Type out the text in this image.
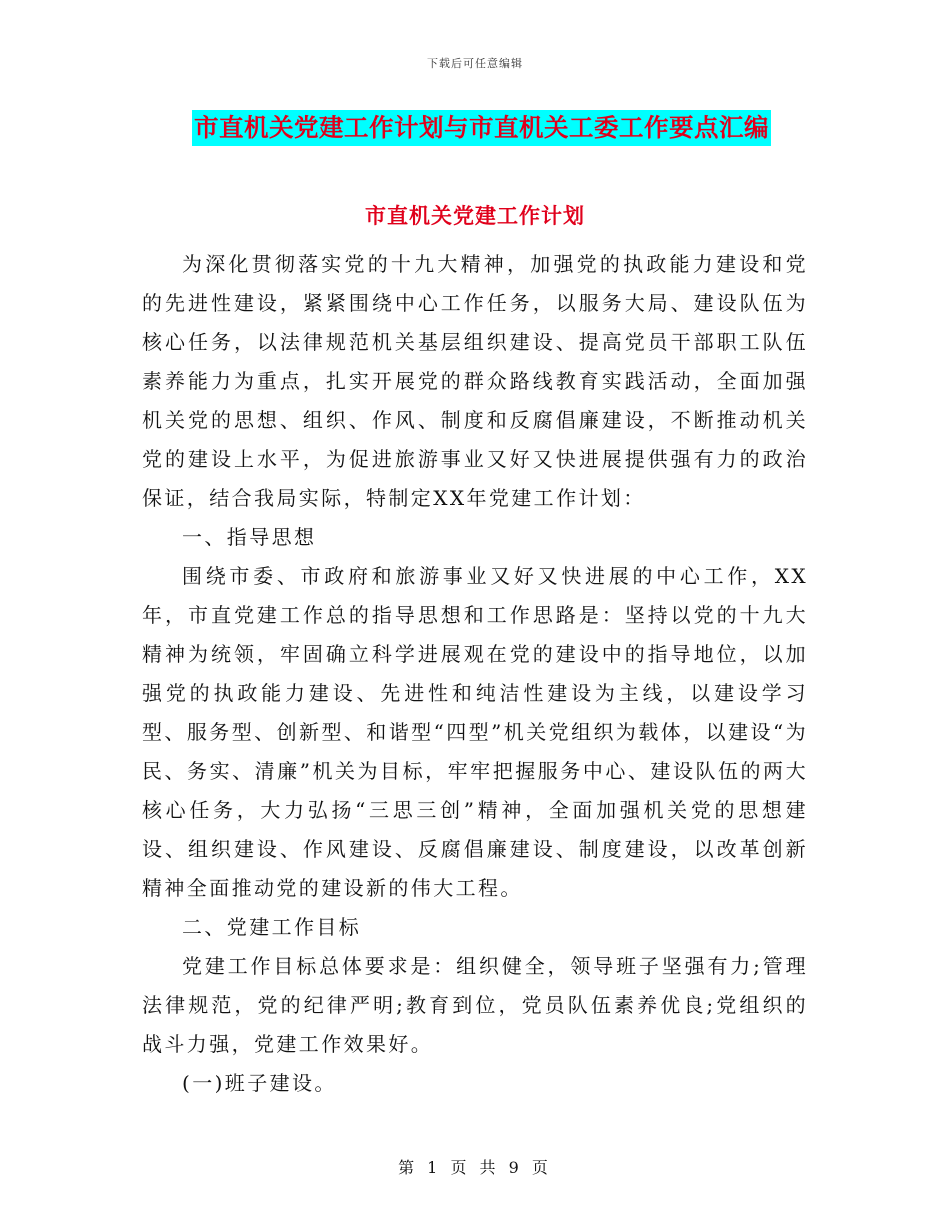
下载后可任意编辑
市直机关党建工作计划与市直机关工委工作要点汇编
市直机关党建工作计划

为深化贯彻落实党的十九大精神，加强党的执政能力建设和党的先进性建设，紧紧围绕中心工作任务，以服务大局、建设队伍为核心任务，以法律规范机关基层组织建设、提高党员干部职工队伍素养能力为重点，扎实开展党的群众路线教育实践活动，全面加强机关党的思想、组织、作风、制度和反腐倡廉建设，不断推动机关党的建设上水平，为促进旅游事业又好又快进展提供强有力的政治保证，结合我局实际，特制定XX年党建工作计划：

一、指导思想

围绕市委、市政府和旅游事业又好又快进展的中心工作，XX年，市直党建工作总的指导思想和工作思路是：坚持以党的十九大精神为统领，牢固确立科学进展观在党的建设中的指导地位，以加强党的执政能力建设、先进性和纯洁性建设为主线，以建设学习型、服务型、创新型、和谐型“四型”机关党组织为载体，以建设“为民、务实、清廉”机关为目标，牢牢把握服务中心、建设队伍的两大核心任务，大力弘扬“三思三创”精神，全面加强机关党的思想建设、组织建设、作风建设、反腐倡廉建设、制度建设，以改革创新精神全面推动党的建设新的伟大工程。

二、党建工作目标

党建工作目标总体要求是：组织健全，领导班子坚强有力;管理法律规范，党的纪律严明;教育到位，党员队伍素养优良;党组织的战斗力强，党建工作效果好。

(一)班子建设。

第 1 页 共 9 页
